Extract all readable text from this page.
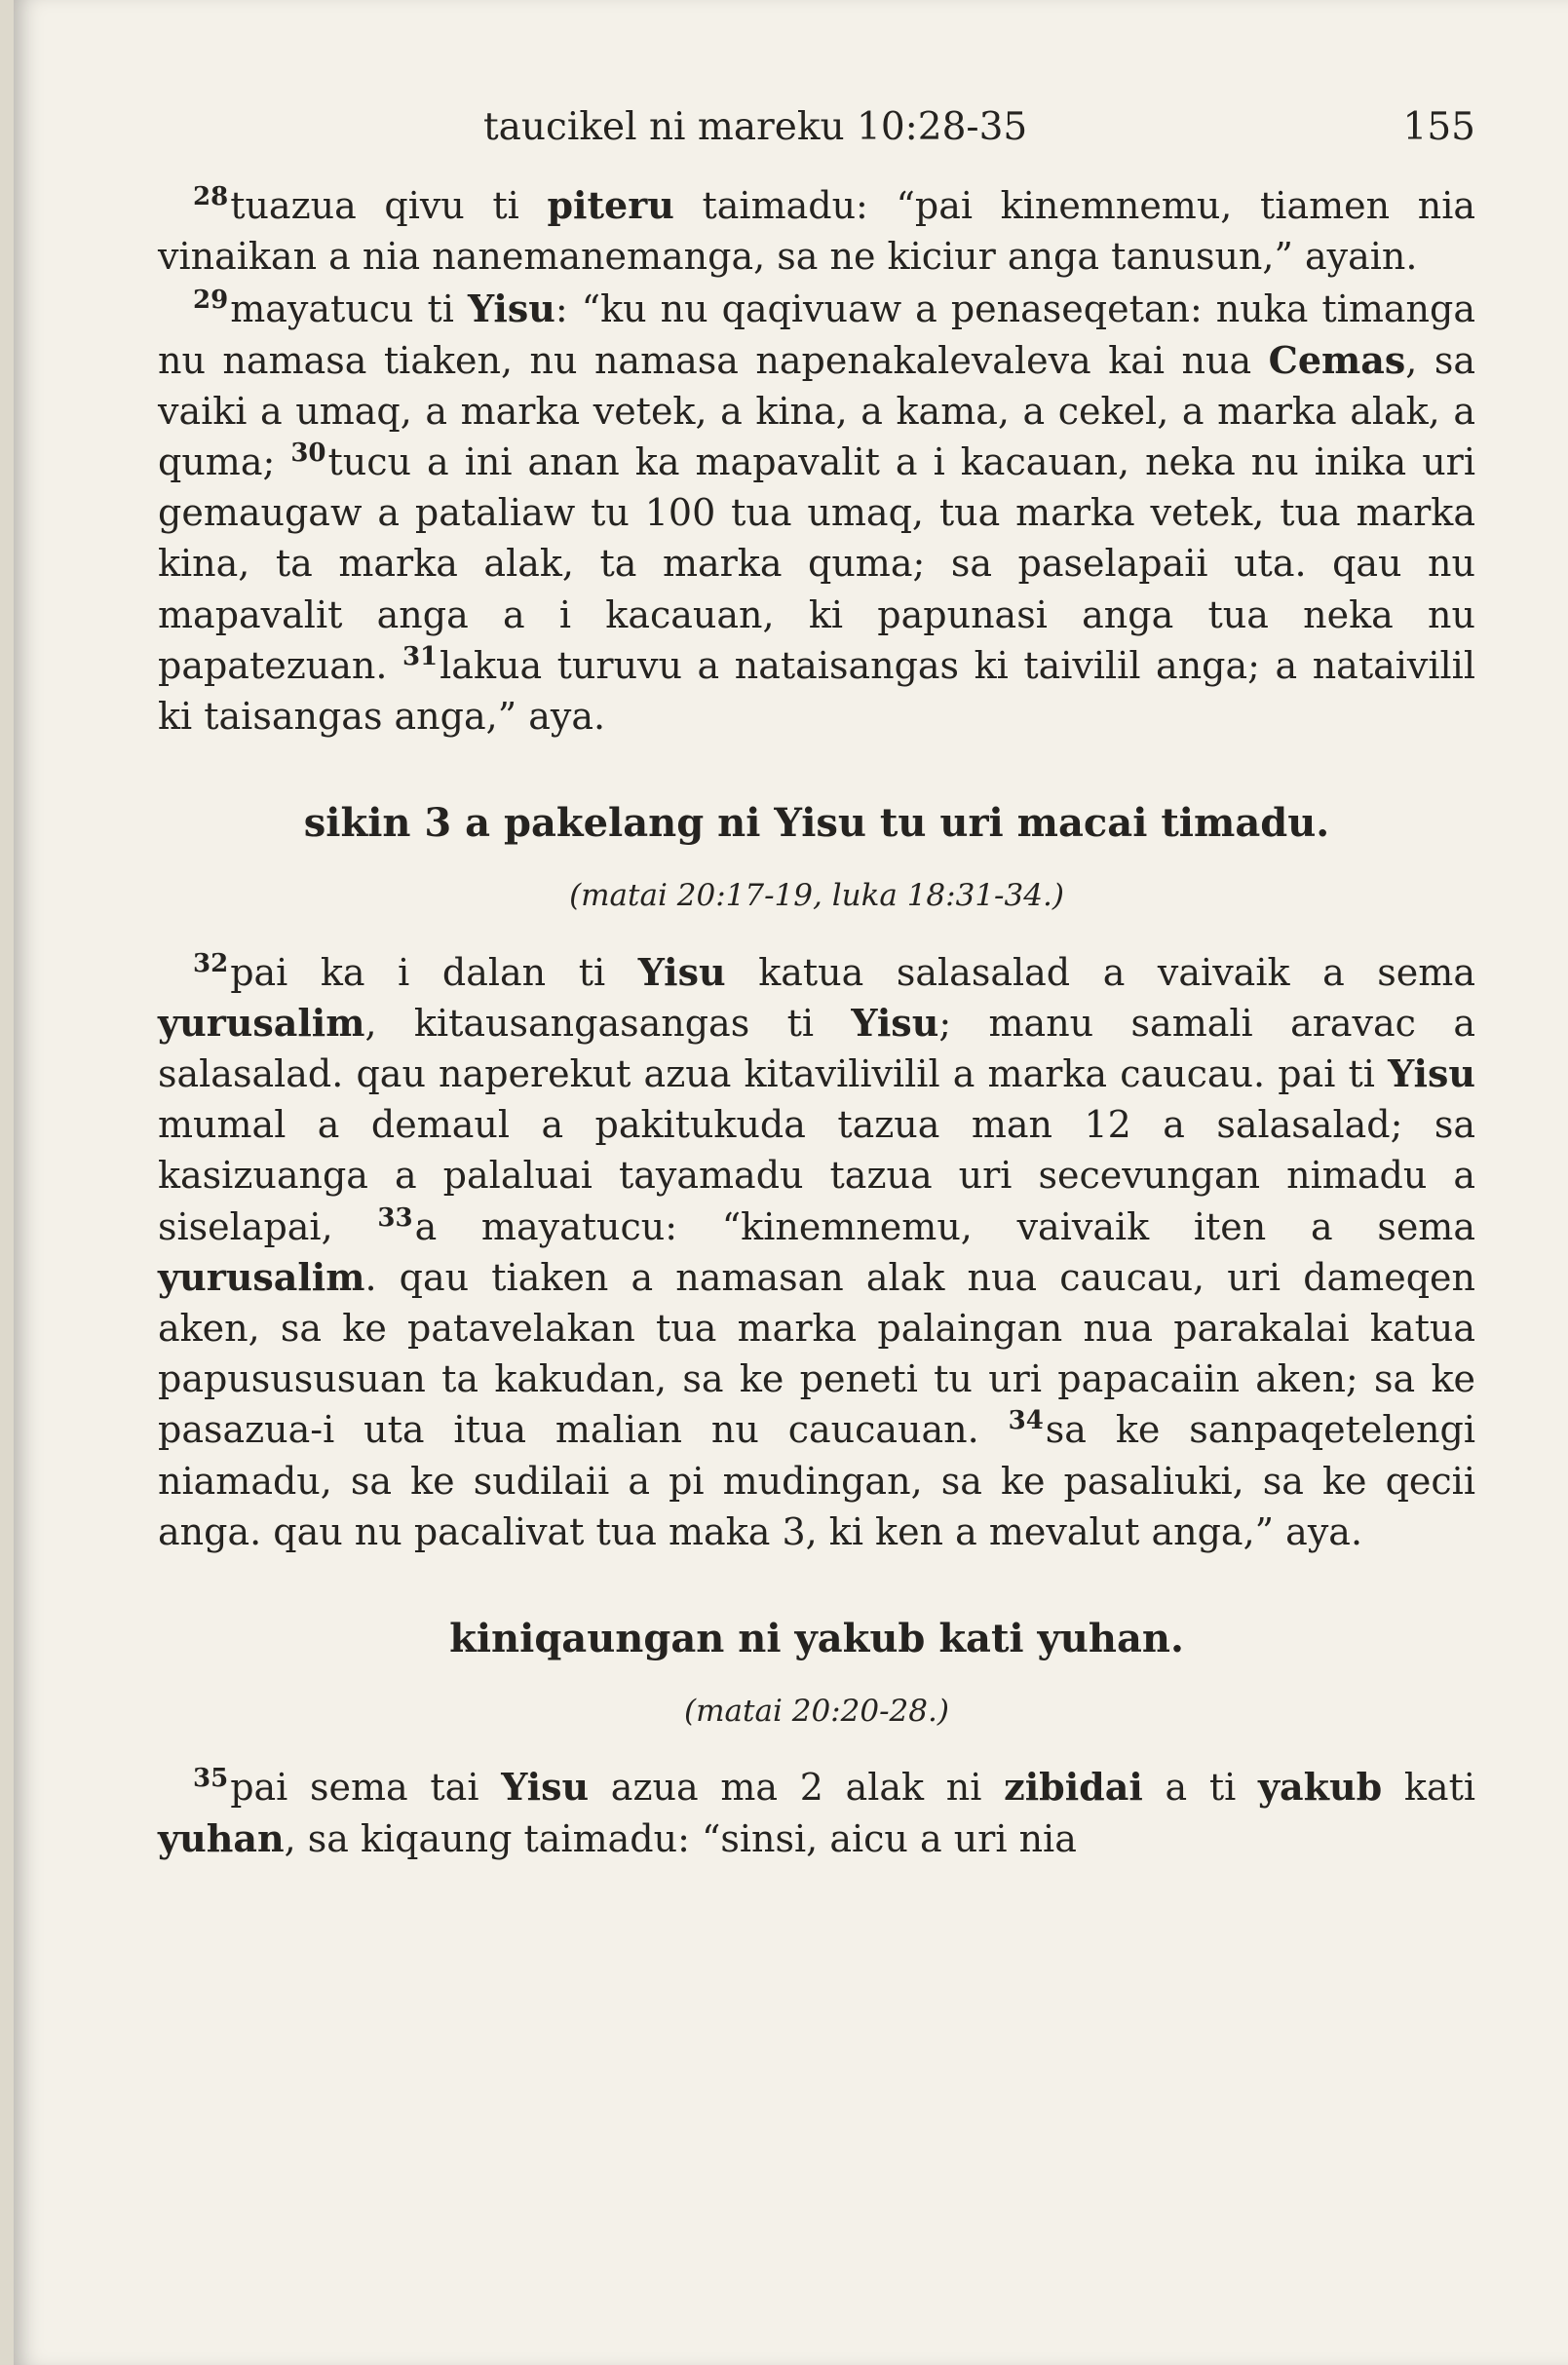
taucikel ni mareku 10:28-35	155

$^{28}$tuazua qivu ti piteru taimadu: “pai kinemnemu, tiamen nia vinaikan a nia nanemanemanga, sa ne kiciur anga tanusun,” ayain.

$^{29}$mayatucu ti Yisu: “ku nu qaqivuaw a penaseqetan: nuka timanga nu namasa tiaken, nu namasa napenakalevaleva kai nua Cemas, sa vaiki a umaq, a marka vetek, a kina, a kama, a cekel, a marka alak, a quma; $^{30}$tucu a ini anan ka mapavalit a i kacauan, neka nu inika uri gemaugaw a pataliaw tu 100 tua umaq, tua marka vetek, tua marka kina, ta marka alak, ta marka quma; sa paselapaii uta. qau nu mapavalit anga a i kacauan, ki papunasi anga tua neka nu papatezuan. $^{31}$lakua turuvu a nataisangas ki taivilil anga; a nataivilil ki taisangas anga,” aya.

sikin 3 a pakelang ni Yisu tu uri macai timadu.
(matai 20:17-19, luka 18:31-34.)

$^{32}$pai ka i dalan ti Yisu katua salasalad a vaivaik a sema yurusalim, kitausangasangas ti Yisu; manu samali aravac a salasalad. qau naperekut azua kitavilivilil a marka caucau. pai ti Yisu mumal a demaul a pakitukuda tazua man 12 a salasalad; sa kasizuanga a palaluai tayamadu tazua uri secevungan nimadu a siselapai, $^{33}$a mayatucu: “kinemnemu, vaivaik iten a sema yurusalim. qau tiaken a namasan alak nua caucau, uri dameqen aken, sa ke patavelakan tua marka palaingan nua parakalai katua papusususuan ta kakudan, sa ke peneti tu uri papacaiin aken; sa ke pasazua-i uta itua malian nu caucauan. $^{34}$sa ke sanpaqetelengi niamadu, sa ke sudilaii a pi mudingan, sa ke pasaliuki, sa ke qecii anga. qau nu pacalivat tua maka 3, ki ken a mevalut anga,” aya.

kiniqaungan ni yakub kati yuhan.
(matai 20:20-28.)

$^{35}$pai sema tai Yisu azua ma 2 alak ni zibidai a ti yakub kati yuhan, sa kiqaung taimadu: “sinsi, aicu a uri nia
